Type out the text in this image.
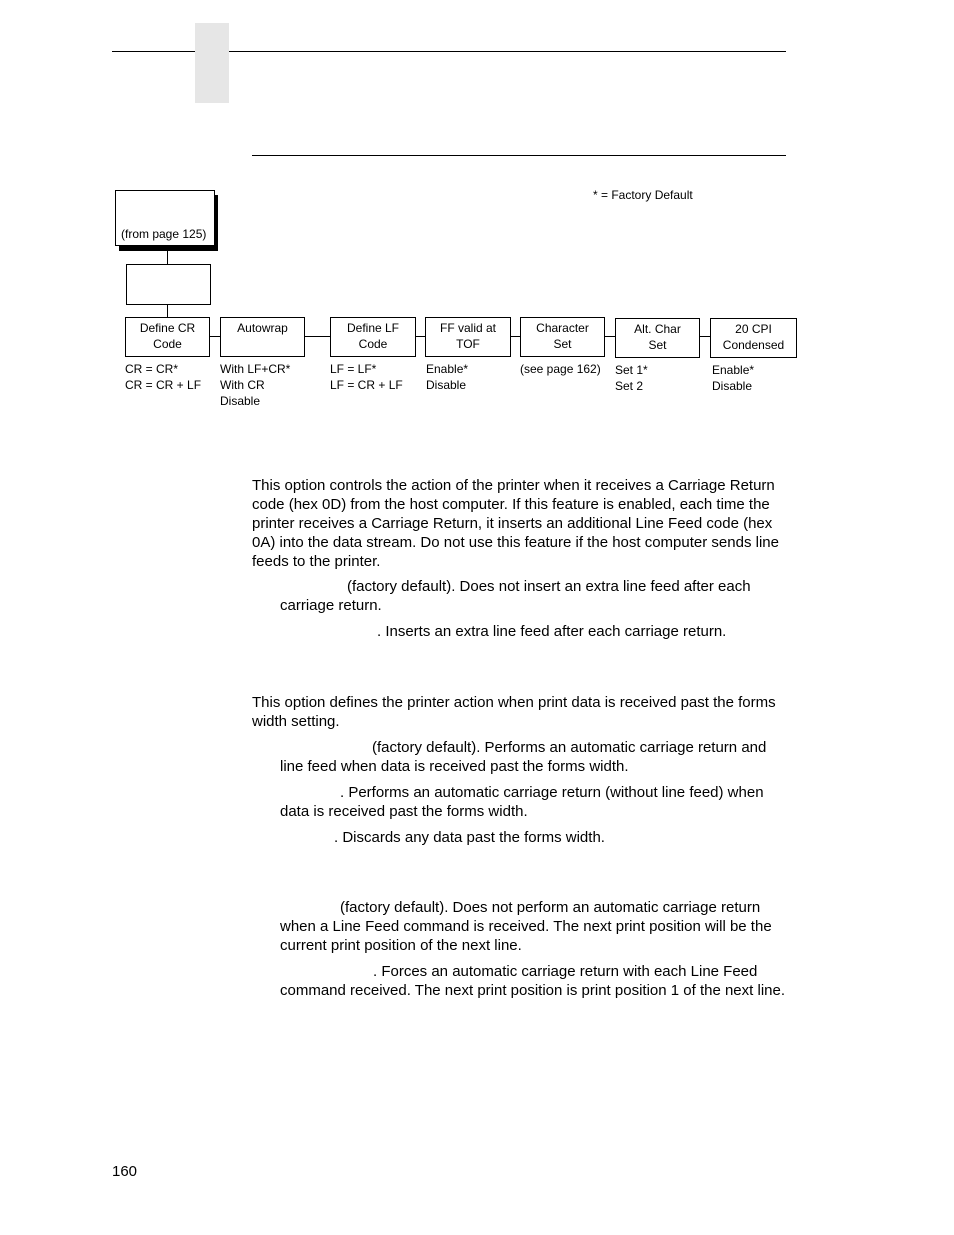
* = Factory Default
(from page 125)
Define CR
Code
Autowrap	Define LF
Code
FF valid at
TOF
Character
Set
Alt. Char
Set
20 CPI
Condensed
CR = CR*
CR = CR + LF
With LF+CR*
With CR
Disable
LF = LF*
LF = CR + LF
Enable*
Disable
(see page 162) Set 1*
Set 2
Enable*
Disable
This option controls the action of the printer when it receives a Carriage Return code (hex 0D) from the host computer. If this feature is enabled, each time the printer receives a Carriage Return, it inserts an additional Line Feed code (hex 0A) into the data stream. Do not use this feature if the host computer sends line feeds to the printer.
(factory default). Does not insert an extra line feed after each carriage return.
. Inserts an extra line feed after each carriage return.
This option defines the printer action when print data is received past the forms width setting.
(factory default). Performs an automatic carriage return and line feed when data is received past the forms width.
. Performs an automatic carriage return (without line feed) when data is received past the forms width.
. Discards any data past the forms width.
(factory default). Does not perform an automatic carriage return when a Line Feed command is received. The next print position will be the current print position of the next line.
. Forces an automatic carriage return with each Line Feed command received. The next print position is print position 1 of the next line.
160
